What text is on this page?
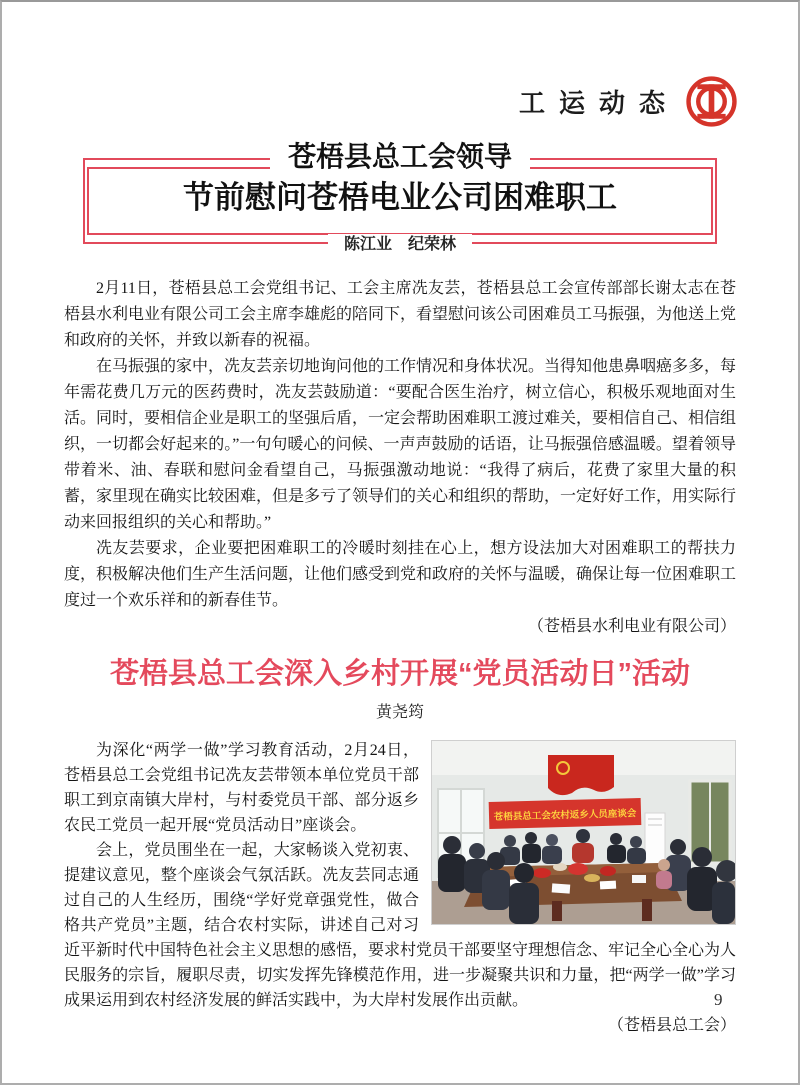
工运动态
苍梧县总工会领导
节前慰问苍梧电业公司困难职工
陈江业　纪荣林

2月11日，苍梧县总工会党组书记、工会主席冼友芸，苍梧县总工会宣传部部长谢太志在苍梧县水利电业有限公司工会主席李雄彪的陪同下，看望慰问该公司困难员工马振强，为他送上党和政府的关怀，并致以新春的祝福。

在马振强的家中，冼友芸亲切地询问他的工作情况和身体状况。当得知他患鼻咽癌多多，每年需花费几万元的医药费时，冼友芸鼓励道：“要配合医生治疗，树立信心，积极乐观地面对生活。同时，要相信企业是职工的坚强后盾，一定会帮助困难职工渡过难关，要相信自己、相信组织，一切都会好起来的。”一句句暖心的问候、一声声鼓励的话语，让马振强倍感温暖。望着领导带着米、油、春联和慰问金看望自己，马振强激动地说：“我得了病后，花费了家里大量的积蓄，家里现在确实比较困难，但是多亏了领导们的关心和组织的帮助，一定好好工作，用实际行动来回报组织的关心和帮助。”

冼友芸要求，企业要把困难职工的冷暖时刻挂在心上，想方设法加大对困难职工的帮扶力度，积极解决他们生产生活问题，让他们感受到党和政府的关怀与温暖，确保让每一位困难职工度过一个欢乐祥和的新春佳节。

（苍梧县水利电业有限公司）

苍梧县总工会深入乡村开展“党员活动日”活动
黄尧筠
苍梧县总工会农村返乡人员座谈会

为深化“两学一做”学习教育活动，2月24日，苍梧县总工会党组书记冼友芸带领本单位党员干部职工到京南镇大岸村，与村委党员干部、部分返乡农民工党员一起开展“党员活动日”座谈会。

会上，党员围坐在一起，大家畅谈入党初衷、提建议意见，整个座谈会气氛活跃。冼友芸同志通过自己的人生经历，围绕“学好党章强党性，做合格共产党员”主题，结合农村实际，讲述自己对习近平新时代中国特色社会主义思想的感悟，要求村党员干部要坚守理想信念、牢记全心全心为人民服务的宗旨，履职尽责，切实发挥先锋模范作用，进一步凝聚共识和力量，把“两学一做”学习成果运用到农村经济发展的鲜活实践中，为大岸村发展作出贡献。

（苍梧县总工会）

9
